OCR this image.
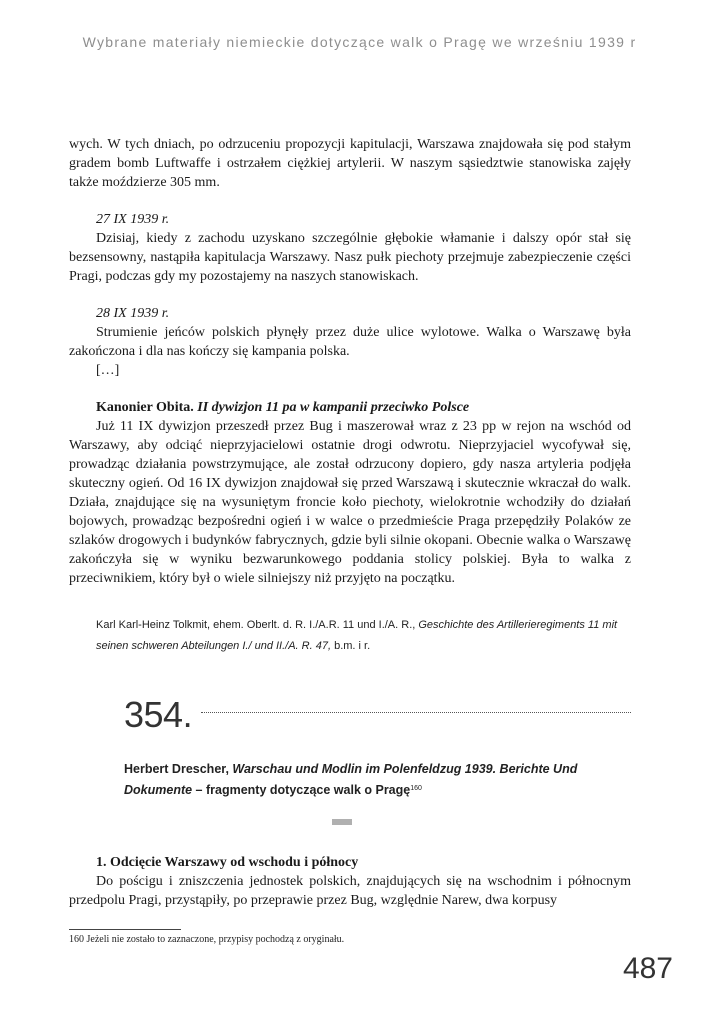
Wybrane materiały niemieckie dotyczące walk o Pragę we wrześniu 1939 r

wych. W tych dniach, po odrzuceniu propozycji kapitulacji, Warszawa znajdowała się pod stałym gradem bomb Luftwaffe i ostrzałem ciężkiej artylerii. W naszym sąsiedztwie stanowiska zajęły także moździerze 305 mm.

27 IX 1939 r.

Dzisiaj, kiedy z zachodu uzyskano szczególnie głębokie włamanie i dalszy opór stał się bezsensowny, nastąpiła kapitulacja Warszawy. Nasz pułk piechoty przejmuje zabezpieczenie części Pragi, podczas gdy my pozostajemy na naszych stanowiskach.

28 IX 1939 r.

Strumienie jeńców polskich płynęły przez duże ulice wylotowe. Walka o Warszawę była zakończona i dla nas kończy się kampania polska.

[…]

Kanonier Obita. II dywizjon 11 pa w kampanii przeciwko Polsce

Już 11 IX dywizjon przeszedł przez Bug i maszerował wraz z 23 pp w rejon na wschód od Warszawy, aby odciąć nieprzyjacielowi ostatnie drogi odwrotu. Nieprzyjaciel wycofywał się, prowadząc działania powstrzymujące, ale został odrzucony dopiero, gdy nasza artyleria podjęła skuteczny ogień. Od 16 IX dywizjon znajdował się przed Warszawą i skutecznie wkraczał do walk. Działa, znajdujące się na wysuniętym froncie koło piechoty, wielokrotnie wchodziły do działań bojowych, prowadząc bezpośredni ogień i w walce o przedmieście Praga przepędziły Polaków ze szlaków drogowych i budynków fabrycznych, gdzie byli silnie okopani. Obecnie walka o Warszawę zakończyła się w wyniku bezwarunkowego poddania stolicy polskiej. Była to walka z przeciwnikiem, który był o wiele silniejszy niż przyjęto na początku.

Karl Karl-Heinz Tolkmit, ehem. Oberlt. d. R. I./A.R. 11 und I./A. R., Geschichte des Artillerieregiments 11 mit seinen schweren Abteilungen I./ und II./A. R. 47, b.m. i r.
354.
Herbert Drescher, Warschau und Modlin im Polenfeldzug 1939. Berichte Und Dokumente – fragmenty dotyczące walk o Pragę$^{160}$
1. Odcięcie Warszawy od wschodu i północy

Do pościgu i zniszczenia jednostek polskich, znajdujących się na wschodnim i północnym przedpolu Pragi, przystąpiły, po przeprawie przez Bug, względnie Narew, dwa korpusy

160 Jeżeli nie zostało to zaznaczone, przypisy pochodzą z oryginału.
487
